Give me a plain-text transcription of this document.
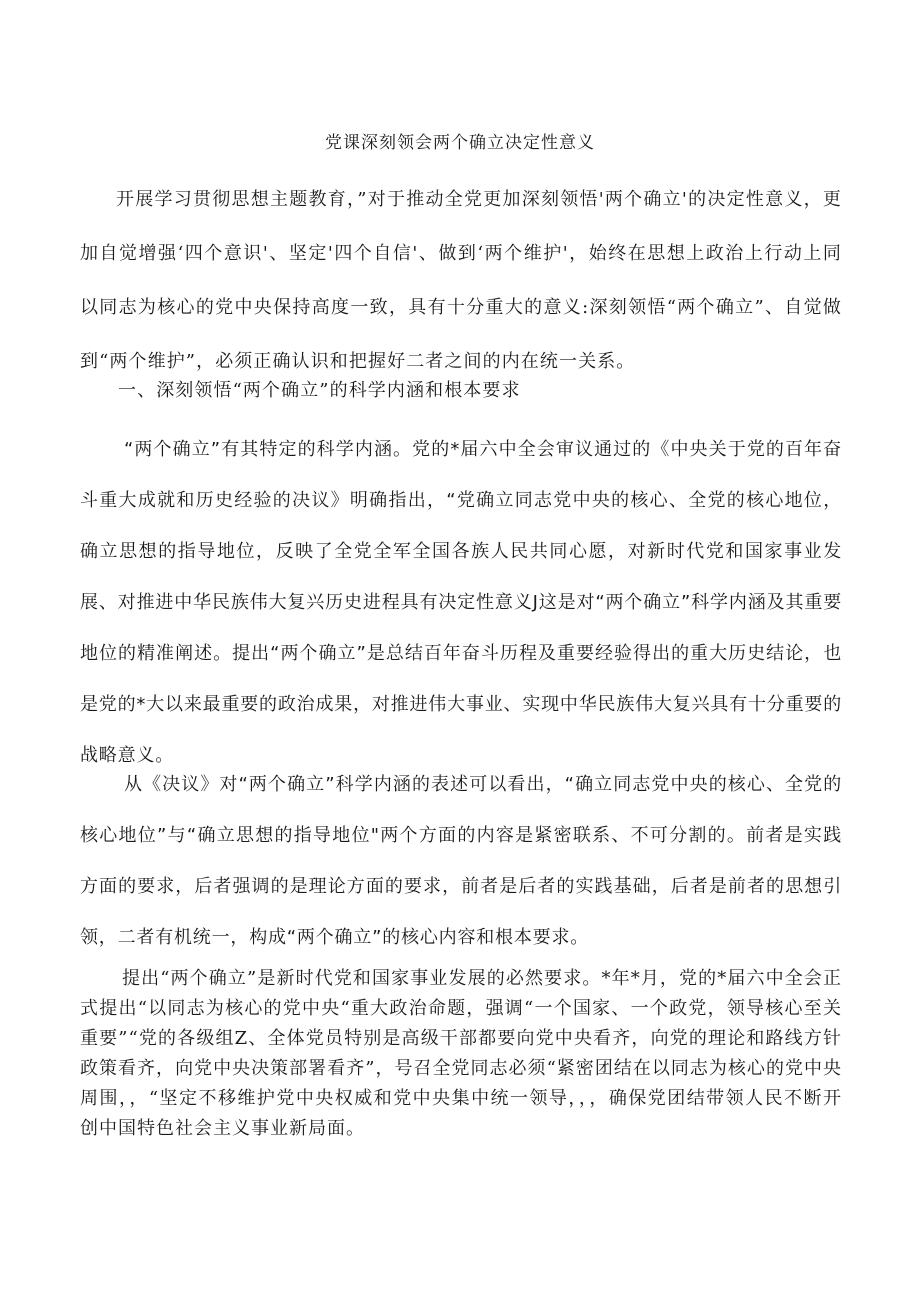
党课深刻领会两个确立决定性意义
开展学习贯彻思想主题教育，”对于推动全党更加深刻领悟'两个确立'的决定性意义，更加自觉增强‘四个意识'、坚定'四个自信'、做到‘两个维护'，始终在思想上政治上行动上同以同志为核心的党中央保持高度一致，具有十分重大的意义:深刻领悟“两个确立”、自觉做到“两个维护”，必须正确认识和把握好二者之间的内在统一关系。
一、深刻领悟“两个确立”的科学内涵和根本要求
“两个确立”有其特定的科学内涵。党的*届六中全会审议通过的《中央关于党的百年奋斗重大成就和历史经验的决议》明确指出，“党确立同志党中央的核心、全党的核心地位，确立思想的指导地位，反映了全党全军全国各族人民共同心愿，对新时代党和国家事业发展、对推进中华民族伟大复兴历史进程具有决定性意义J这是对“两个确立”科学内涵及其重要地位的精准阐述。提出“两个确立”是总结百年奋斗历程及重要经验得出的重大历史结论，也是党的*大以来最重要的政治成果，对推进伟大事业、实现中华民族伟大复兴具有十分重要的战略意义。
从《决议》对“两个确立”科学内涵的表述可以看出，“确立同志党中央的核心、全党的核心地位”与“确立思想的指导地位"两个方面的内容是紧密联系、不可分割的。前者是实践方面的要求，后者强调的是理论方面的要求，前者是后者的实践基础，后者是前者的思想引领，二者有机统一，构成“两个确立”的核心内容和根本要求。
提出“两个确立”是新时代党和国家事业发展的必然要求。*年*月，党的*届六中全会正式提出“以同志为核心的党中央“重大政治命题，强调“一个国家、一个政党，领导核心至关重要”“党的各级组Z、全体党员特别是高级干部都要向党中央看齐，向党的理论和路线方针政策看齐，向党中央决策部署看齐”，号召全党同志必须“紧密团结在以同志为核心的党中央周围，，“坚定不移维护党中央权威和党中央集中统一领导，，，确保党团结带领人民不断开创中国特色社会主义事业新局面。
